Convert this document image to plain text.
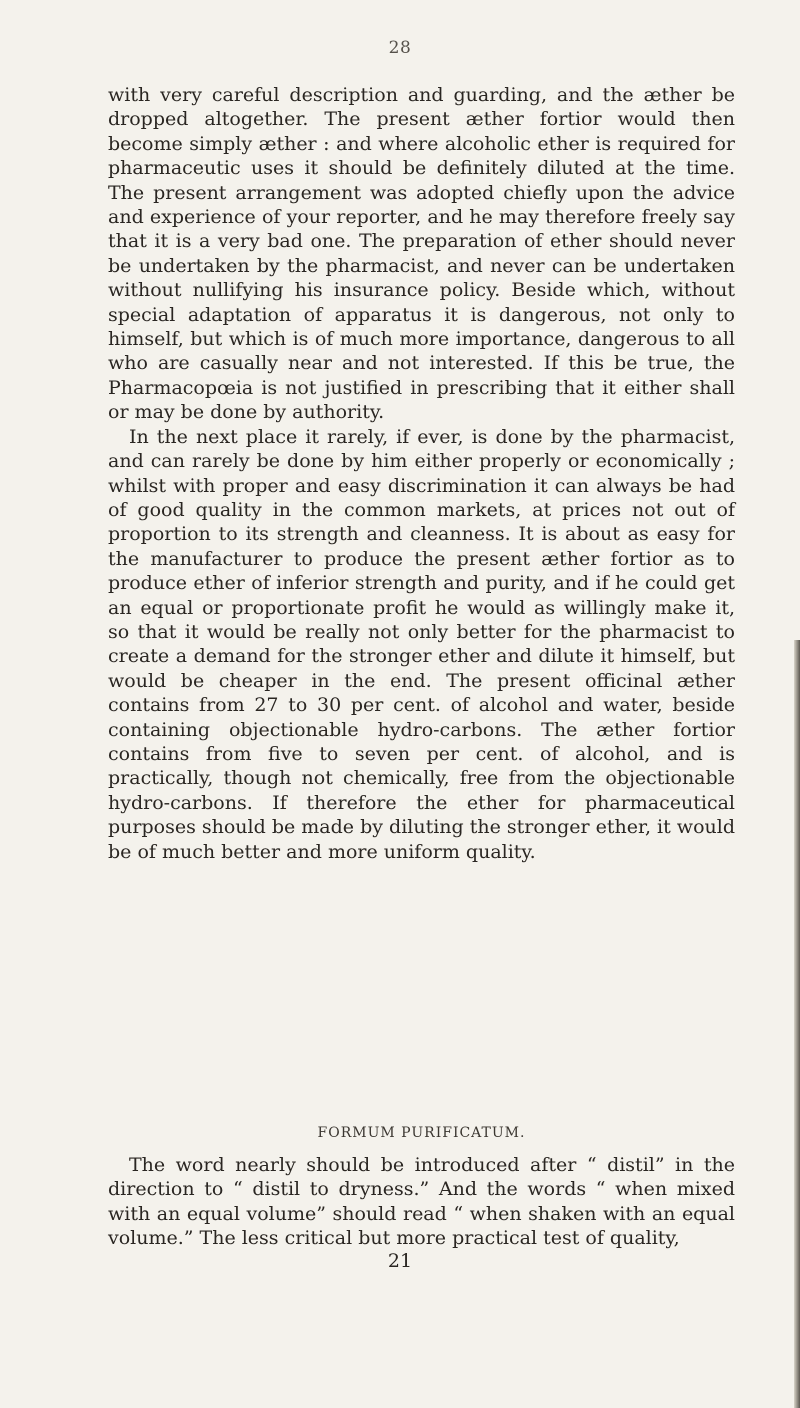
28

with very careful description and guarding, and the æther be dropped altogether. The present æther fortior would then become simply æther : and where alcoholic ether is required for pharmaceutic uses it should be definitely diluted at the time. The present arrangement was adopted chiefly upon the advice and experience of your reporter, and he may therefore freely say that it is a very bad one. The preparation of ether should never be undertaken by the pharmacist, and never can be undertaken without nullifying his insurance policy. Beside which, without special adaptation of apparatus it is dangerous, not only to himself, but which is of much more importance, dangerous to all who are casually near and not interested. If this be true, the Pharmacopœia is not justified in prescribing that it either shall or may be done by authority.

In the next place it rarely, if ever, is done by the pharmacist, and can rarely be done by him either properly or economically ; whilst with proper and easy discrimination it can always be had of good quality in the common markets, at prices not out of proportion to its strength and cleanness. It is about as easy for the manufacturer to produce the present æther fortior as to produce ether of inferior strength and purity, and if he could get an equal or proportionate profit he would as willingly make it, so that it would be really not only better for the pharmacist to create a demand for the stronger ether and dilute it himself, but would be cheaper in the end. The present officinal æther contains from 27 to 30 per cent. of alcohol and water, beside containing objectionable hydro-carbons. The æther fortior contains from five to seven per cent. of alcohol, and is practically, though not chemically, free from the objectionable hydro-carbons. If therefore the ether for pharmaceutical purposes should be made by diluting the stronger ether, it would be of much better and more uniform quality.

FORMUM PURIFICATUM.

The word nearly should be introduced after “ distil” in the direction to “ distil to dryness.” And the words “ when mixed with an equal volume” should read “ when shaken with an equal volume.” The less critical but more practical test of quality,

21
